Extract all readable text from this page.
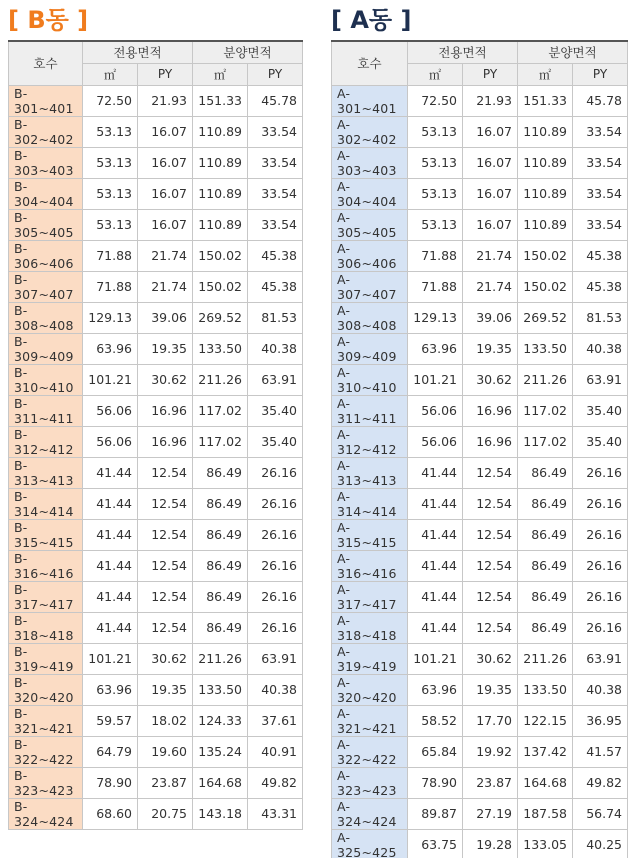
[ B동 ]
호수	전용면적		분양면적	
	㎡	PY	㎡	PY
B-301~401	72.50	21.93	151.33	45.78
B-302~402	53.13	16.07	110.89	33.54
B-303~403	53.13	16.07	110.89	33.54
B-304~404	53.13	16.07	110.89	33.54
B-305~405	53.13	16.07	110.89	33.54
B-306~406	71.88	21.74	150.02	45.38
B-307~407	71.88	21.74	150.02	45.38
B-308~408	129.13	39.06	269.52	81.53
B-309~409	63.96	19.35	133.50	40.38
B-310~410	101.21	30.62	211.26	63.91
B-311~411	56.06	16.96	117.02	35.40
B-312~412	56.06	16.96	117.02	35.40
B-313~413	41.44	12.54	86.49	26.16
B-314~414	41.44	12.54	86.49	26.16
B-315~415	41.44	12.54	86.49	26.16
B-316~416	41.44	12.54	86.49	26.16
B-317~417	41.44	12.54	86.49	26.16
B-318~418	41.44	12.54	86.49	26.16
B-319~419	101.21	30.62	211.26	63.91
B-320~420	63.96	19.35	133.50	40.38
B-321~421	59.57	18.02	124.33	37.61
B-322~422	64.79	19.60	135.24	40.91
B-323~423	78.90	23.87	164.68	49.82
B-324~424	68.60	20.75	143.18	43.31
[ A동 ]
호수	전용면적		분양면적	
	㎡	PY	㎡	PY
A-301~401	72.50	21.93	151.33	45.78
A-302~402	53.13	16.07	110.89	33.54
A-303~403	53.13	16.07	110.89	33.54
A-304~404	53.13	16.07	110.89	33.54
A-305~405	53.13	16.07	110.89	33.54
A-306~406	71.88	21.74	150.02	45.38
A-307~407	71.88	21.74	150.02	45.38
A-308~408	129.13	39.06	269.52	81.53
A-309~409	63.96	19.35	133.50	40.38
A-310~410	101.21	30.62	211.26	63.91
A-311~411	56.06	16.96	117.02	35.40
A-312~412	56.06	16.96	117.02	35.40
A-313~413	41.44	12.54	86.49	26.16
A-314~414	41.44	12.54	86.49	26.16
A-315~415	41.44	12.54	86.49	26.16
A-316~416	41.44	12.54	86.49	26.16
A-317~417	41.44	12.54	86.49	26.16
A-318~418	41.44	12.54	86.49	26.16
A-319~419	101.21	30.62	211.26	63.91
A-320~420	63.96	19.35	133.50	40.38
A-321~421	58.52	17.70	122.15	36.95
A-322~422	65.84	19.92	137.42	41.57
A-323~423	78.90	23.87	164.68	49.82
A-324~424	89.87	27.19	187.58	56.74
A-325~425	63.75	19.28	133.05	40.25
